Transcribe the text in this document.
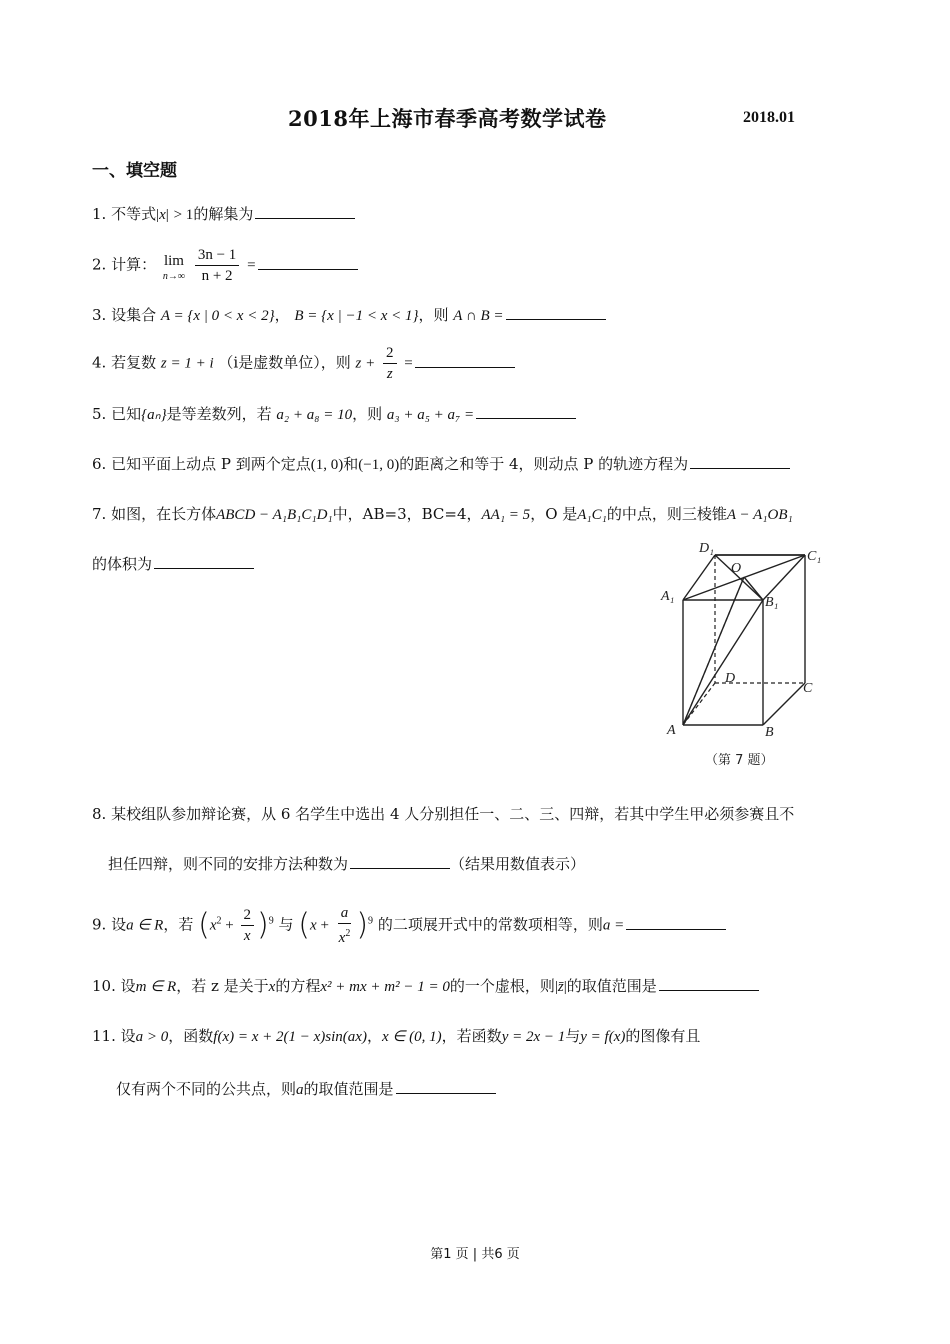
2018年上海市春季高考数学试卷	2018.01
一、填空题
1. 不等式|x| > 1的解集为
2. 计算： lim
n→∞
$\frac{3n - 1}{n + 2}$ =
3. 设集合 A = {x | 0 < x < 2}， B = {x | −1 < x < 1}，则 A ∩ B =
4. 若复数 z = 1 + i （i是虚数单位），则 $z + \frac{2}{z}$ =
5. 已知{aₙ}是等差数列，若 a₂ + a₈ = 10，则 a₃ + a₅ + a₇ =
6. 已知平面上动点 P 到两个定点(1, 0)和(−1, 0)的距离之和等于 4，则动点 P 的轨迹方程为
7. 如图，在长方体ABCD − A₁B₁C₁D₁中，AB=3，BC=4，AA₁ = 5，O 是A₁C₁的中点，则三棱锥A − A₁OB₁
的体积为
D₁
O
C₁
A₁	B₁
D
C
A	B
（第 7 题）
8. 某校组队参加辩论赛，从 6 名学生中选出 4 人分别担任一、二、三、四辩，若其中学生甲必须参赛且不
担任四辩，则不同的安排方法种数为	（结果用数值表示）
9. 设a ∈ R，若 $(x^2 + \frac{2}{x} )^9$ 与 $(x + \frac{a}{x^2} )^9$ 的二项展开式中的常数项相等，则a =
10. 设m ∈ R，若 z 是关于x的方程x² + mx + m² − 1 = 0的一个虚根，则|z̄|的取值范围是
11. 设a > 0，函数f(x) = x + 2(1 − x)sin(ax)，x ∈ (0, 1)，若函数y = 2x − 1与y = f(x)的图像有且
仅有两个不同的公共点，则a的取值范围是
第1 页 | 共6 页
